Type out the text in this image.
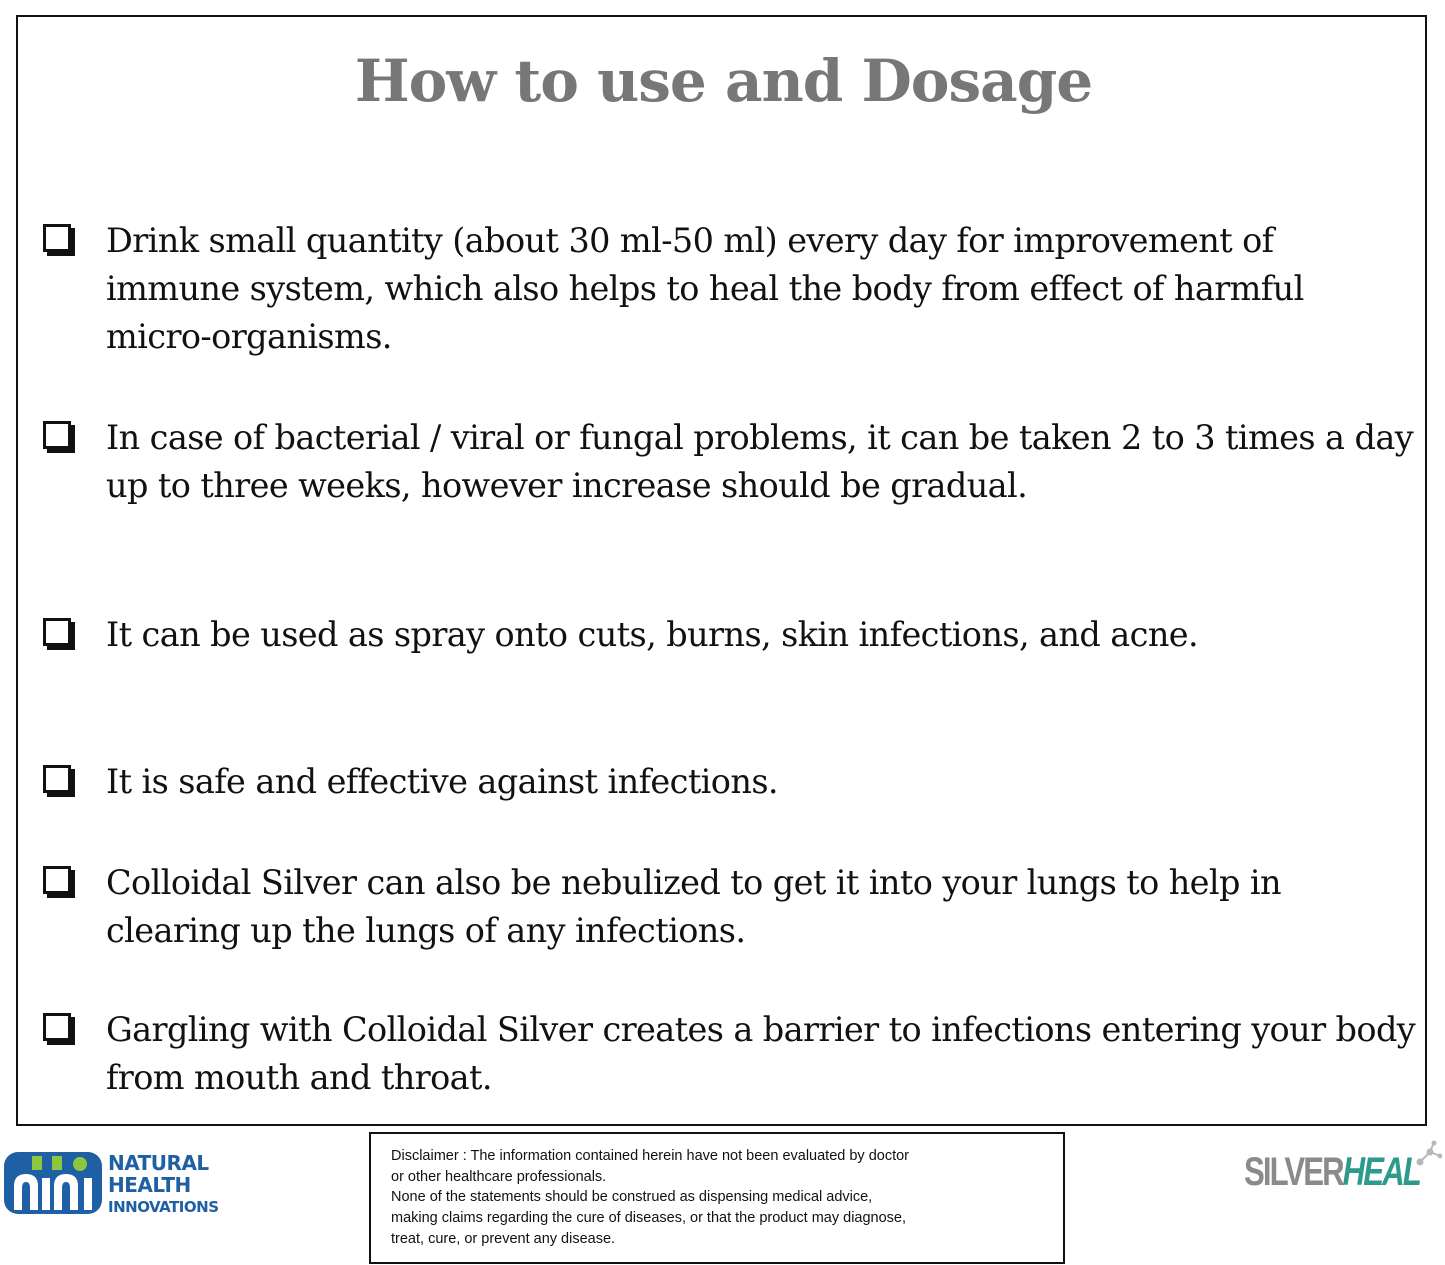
How to use and Dosage

Drink small quantity (about 30 ml-50 ml) every day for improvement of immune system, which also helps to heal the body from effect of harmful micro-organisms.

In case of bacterial / viral or fungal problems, it can be taken 2 to 3 times a day up to three weeks, however increase should be gradual.

It can be used as spray onto cuts, burns, skin infections, and acne.

It is safe and effective against infections.

Colloidal Silver can also be nebulized to get it into your lungs to help in clearing up the lungs of any infections.

Gargling with Colloidal Silver creates a barrier to infections entering your body from mouth and throat.

NATURAL
HEALTH
INNOVATIONS
Disclaimer : The information contained herein have not been evaluated by doctor
or other healthcare professionals.
None of the statements should be construed as dispensing medical advice,
making claims regarding the cure of diseases, or that the product may diagnose,
treat, cure, or prevent any disease.
SILVERHEAL
